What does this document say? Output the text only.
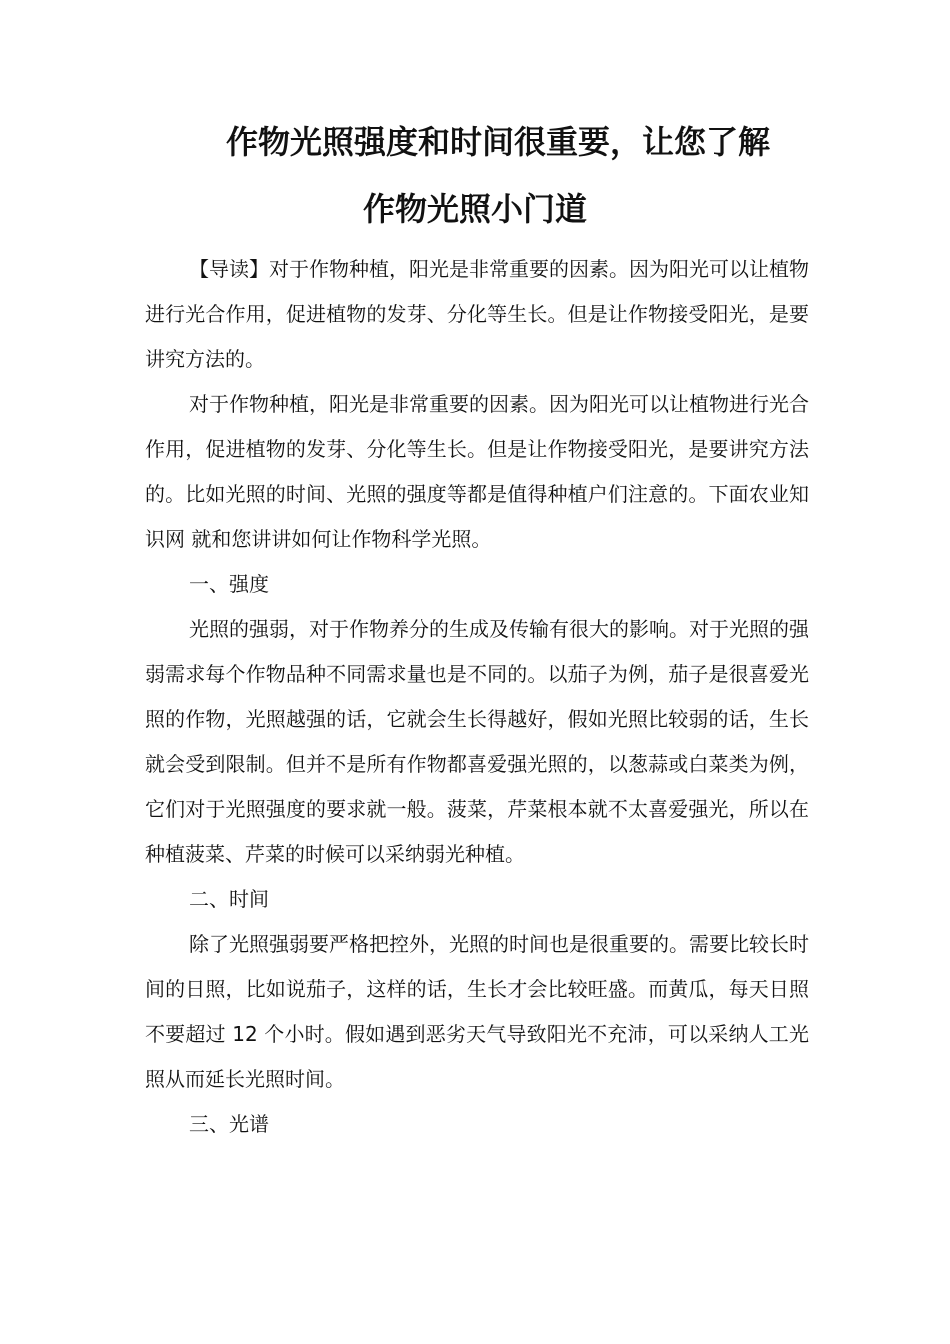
作物光照强度和时间很重要，让您了解
作物光照小门道

【导读】对于作物种植，阳光是非常重要的因素。因为阳光可以让植物进行光合作用，促进植物的发芽、分化等生长。但是让作物接受阳光，是要讲究方法的。

对于作物种植，阳光是非常重要的因素。因为阳光可以让植物进行光合作用，促进植物的发芽、分化等生长。但是让作物接受阳光，是要讲究方法的。比如光照的时间、光照的强度等都是值得种植户们注意的。下面农业知识网 就和您讲讲如何让作物科学光照。

一、强度

光照的强弱，对于作物养分的生成及传输有很大的影响。对于光照的强弱需求每个作物品种不同需求量也是不同的。以茄子为例，茄子是很喜爱光照的作物，光照越强的话，它就会生长得越好，假如光照比较弱的话，生长就会受到限制。但并不是所有作物都喜爱强光照的，以葱蒜或白菜类为例，它们对于光照强度的要求就一般。菠菜，芹菜根本就不太喜爱强光，所以在种植菠菜、芹菜的时候可以采纳弱光种植。

二、时间

除了光照强弱要严格把控外，光照的时间也是很重要的。需要比较长时间的日照，比如说茄子，这样的话，生长才会比较旺盛。而黄瓜，每天日照不要超过 12 个小时。假如遇到恶劣天气导致阳光不充沛，可以采纳人工光照从而延长光照时间。

三、光谱
